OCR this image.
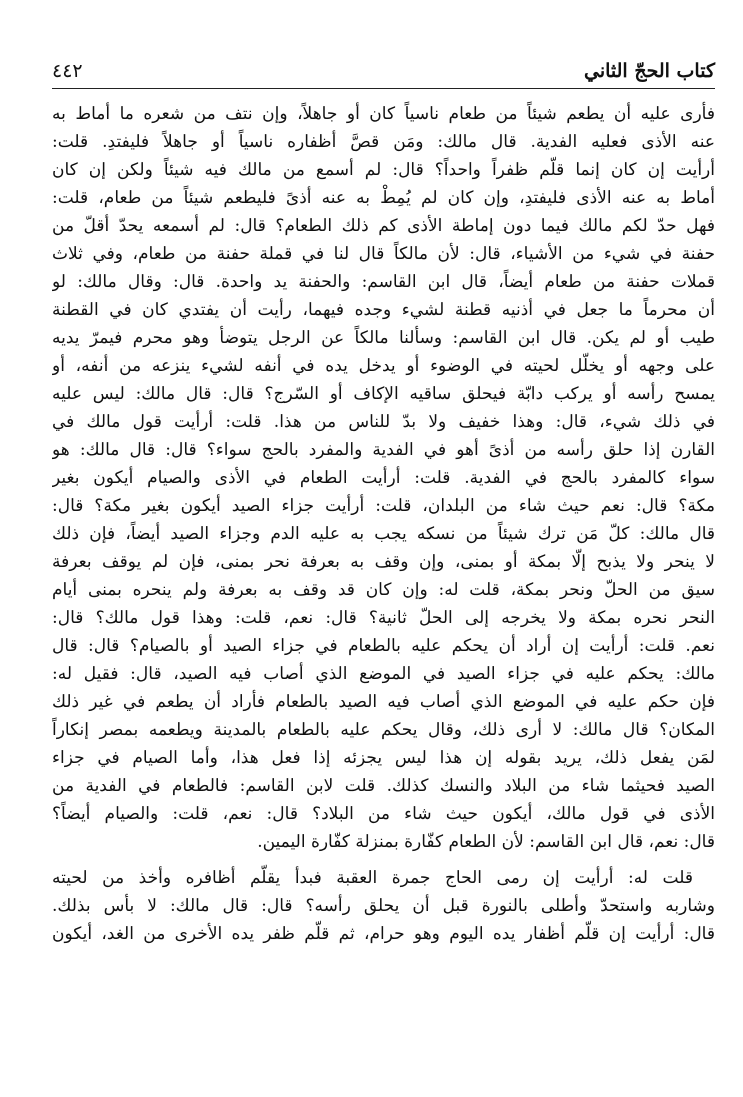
كتاب الحجّ الثاني
٤٤٢
فأرى عليه أن يطعم شيئاً من طعام ناسياً كان أو جاهلاً، وإن نتف من شعره ما أماط به
عنه الأذى فعليه الفدية. قال مالك: ومَن قصَّ أظفاره ناسياً أو جاهلاً فليفتدِ. قلت:
أرأيت إن كان إنما قلّم ظفراً واحداً؟ قال: لم أسمع من مالك فيه شيئاً ولكن إن كان
أماط به عنه الأذى فليفتدِ، وإن كان لم يُمِطْ به عنه أذىً فليطعم شيئاً من طعام، قلت:
فهل حدّ لكم مالك فيما دون إماطة الأذى كم ذلك الطعام؟ قال: لم أسمعه يحدّ أقلّ من
حفنة في شيء من الأشياء، قال: لأن مالكاً قال لنا في قملة حفنة من طعام، وفي ثلاث
قملات حفنة من طعام أيضاً، قال ابن القاسم: والحفنة يد واحدة. قال: وقال مالك: لو
أن محرماً ما جعل في أذنيه قطنة لشيء وجده فيهما، رأيت أن يفتدي كان في القطنة
طيب أو لم يكن. قال ابن القاسم: وسألنا مالكاً عن الرجل يتوضأ وهو محرم فيمرّ يديه
على وجهه أو يخلّل لحيته في الوضوء أو يدخل يده في أنفه لشيء ينزعه من أنفه، أو
يمسح رأسه أو يركب دابّة فيحلق ساقيه الإكاف أو السّرج؟ قال: قال مالك: ليس عليه
في ذلك شيء، قال: وهذا خفيف ولا بدّ للناس من هذا. قلت: أرأيت قول مالك في
القارن إذا حلق رأسه من أذىً أهو في الفدية والمفرد بالحج سواء؟ قال: قال مالك: هو
سواء كالمفرد بالحج في الفدية. قلت: أرأيت الطعام في الأذى والصيام أيكون بغير
مكة؟ قال: نعم حيث شاء من البلدان، قلت: أرأيت جزاء الصيد أيكون بغير مكة؟ قال:
قال مالك: كلّ مَن ترك شيئاً من نسكه يجب به عليه الدم وجزاء الصيد أيضاً، فإن ذلك
لا ينحر ولا يذبح إلّا بمكة أو بمنى، وإن وقف به بعرفة نحر بمنى، فإن لم يوقف بعرفة
سيق من الحلّ ونحر بمكة، قلت له: وإن كان قد وقف به بعرفة ولم ينحره بمنى أيام
النحر نحره بمكة ولا يخرجه إلى الحلّ ثانية؟ قال: نعم، قلت: وهذا قول مالك؟ قال:
نعم. قلت: أرأيت إن أراد أن يحكم عليه بالطعام في جزاء الصيد أو بالصيام؟ قال: قال
مالك: يحكم عليه في جزاء الصيد في الموضع الذي أصاب فيه الصيد، قال: فقيل له:
فإن حكم عليه في الموضع الذي أصاب فيه الصيد بالطعام فأراد أن يطعم في غير ذلك
المكان؟ قال مالك: لا أرى ذلك، وقال يحكم عليه بالطعام بالمدينة ويطعمه بمصر إنكاراً
لمَن يفعل ذلك، يريد بقوله إن هذا ليس يجزئه إذا فعل هذا، وأما الصيام في جزاء
الصيد فحيثما شاء من البلاد والنسك كذلك. قلت لابن القاسم: فالطعام في الفدية من
الأذى في قول مالك، أيكون حيث شاء من البلاد؟ قال: نعم، قلت: والصيام أيضاً؟
قال: نعم، قال ابن القاسم: لأن الطعام كفّارة بمنزلة كفّارة اليمين.
قلت له: أرأيت إن رمى الحاج جمرة العقبة فبدأ يقلّم أظافره وأخذ من لحيته
وشاربه واستحدّ وأطلى بالنورة قبل أن يحلق رأسه؟ قال: قال مالك: لا بأس بذلك.
قال: أرأيت إن قلّم أظفار يده اليوم وهو حرام، ثم قلّم ظفر يده الأخرى من الغد، أيكون
